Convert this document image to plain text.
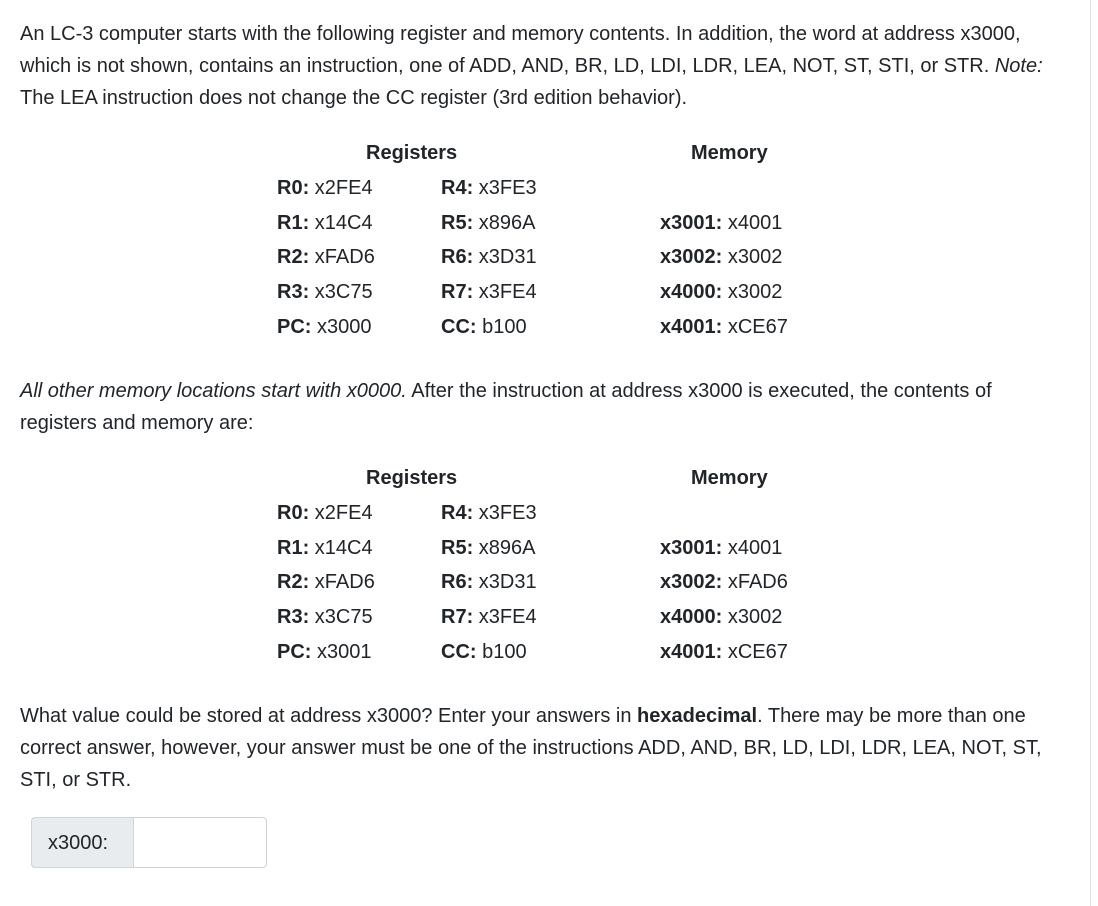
An LC-3 computer starts with the following register and memory contents. In addition, the word at address x3000, which is not shown, contains an instruction, one of ADD, AND, BR, LD, LDI, LDR, LEA, NOT, ST, STI, or STR. Note: The LEA instruction does not change the CC register (3rd edition behavior).

Registers	Memory
R0: x2FE4
R1: x14C4
R2: xFAD6
R3: x3C75
PC: x3000
R4: x3FE3
R5: x896A
R6: x3D31
R7: x3FE4
CC: b100
x3001: x4001
x3002: x3002
x4000: x3002
x4001: xCE67

All other memory locations start with x0000. After the instruction at address x3000 is executed, the contents of registers and memory are:

Registers	Memory
R0: x2FE4
R1: x14C4
R2: xFAD6
R3: x3C75
PC: x3001
R4: x3FE3
R5: x896A
R6: x3D31
R7: x3FE4
CC: b100
x3001: x4001
x3002: xFAD6
x4000: x3002
x4001: xCE67

What value could be stored at address x3000? Enter your answers in hexadecimal. There may be more than one correct answer, however, your answer must be one of the instructions ADD, AND, BR, LD, LDI, LDR, LEA, NOT, ST, STI, or STR.

x3000:
